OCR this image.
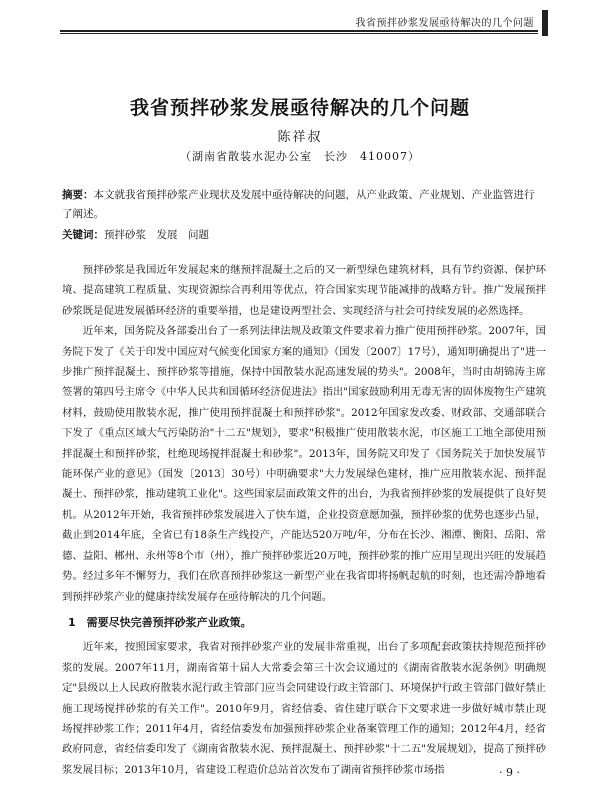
我省预拌砂浆发展亟待解决的几个问题
我省预拌砂浆发展亟待解决的几个问题
陈祥叔
（湖南省散装水泥办公室　长沙　410007）
摘要：本文就我省预拌砂浆产业现状及发展中亟待解决的问题，从产业政策、产业规划、产业监管进行了阐述。
关键词：预拌砂浆　发展　问题

预拌砂浆是我国近年发展起来的继预拌混凝土之后的又一新型绿色建筑材料，具有节约资源、保护环境、提高建筑工程质量、实现资源综合再利用等优点，符合国家实现节能减排的战略方针。推广发展预拌砂浆既是促进发展循环经济的重要举措，也是建设两型社会、实现经济与社会可持续发展的必然选择。

近年来，国务院及各部委出台了一系列法律法规及政策文件要求着力推广使用预拌砂浆。2007年，国务院下发了《关于印发中国应对气候变化国家方案的通知》（国发〔2007〕17号），通知明确提出了"进一步推广预拌混凝土、预拌砂浆等措施，保持中国散装水泥高速发展的势头"。2008年，当时由胡锦涛主席签署的第四号主席令《中华人民共和国循环经济促进法》指出"国家鼓励利用无毒无害的固体废物生产建筑材料，鼓励使用散装水泥，推广使用预拌混凝土和预拌砂浆"。2012年国家发改委、财政部、交通部联合下发了《重点区域大气污染防治"十二五"规划》，要求"积极推广使用散装水泥，市区施工工地全部使用预拌混凝土和预拌砂浆，杜绝现场搅拌混凝土和砂浆"。2013年，国务院又印发了《国务院关于加快发展节能环保产业的意见》（国发〔2013〕30号）中明确要求"大力发展绿色建材，推广应用散装水泥、预拌混凝土、预拌砂浆，推动建筑工业化"。这些国家层面政策文件的出台，为我省预拌砂浆的发展提供了良好契机。从2012年开始，我省预拌砂浆发展进入了快车道，企业投资意愿加强，预拌砂浆的优势也逐步凸显，截止到2014年底，全省已有18条生产线投产，产能达520万吨/年，分布在长沙、湘潭、衡阳、岳阳、常德、益阳、郴州、永州等8个市（州），推广预拌砂浆近20万吨，预拌砂浆的推广应用呈现出兴旺的发展趋势。经过多年不懈努力，我们在欣喜预拌砂浆这一新型产业在我省即将扬帆起航的时刻，也还需冷静地看到预拌砂浆产业的健康持续发展存在亟待解决的几个问题。

1　需要尽快完善预拌砂浆产业政策。

近年来，按照国家要求，我省对预拌砂浆产业的发展非常重视，出台了多项配套政策扶持规范预拌砂浆的发展。2007年11月，湖南省第十届人大常委会第三十次会议通过的《湖南省散装水泥条例》明确规定"县级以上人民政府散装水泥行政主管部门应当会同建设行政主管部门、环境保护行政主管部门做好禁止施工现场搅拌砂浆的有关工作"。2010年9月，省经信委、省住建厅联合下文要求进一步做好城市禁止现场搅拌砂浆工作；2011年4月，省经信委发布加强预拌砂浆企业备案管理工作的通知；2012年4月，经省政府同意，省经信委印发了《湖南省散装水泥、预拌混凝土、预拌砂浆"十二五"发展规划》，提高了预拌砂浆发展目标；2013年10月，省建设工程造价总站首次发布了湖南省预拌砂浆市场指	· 9 ·
